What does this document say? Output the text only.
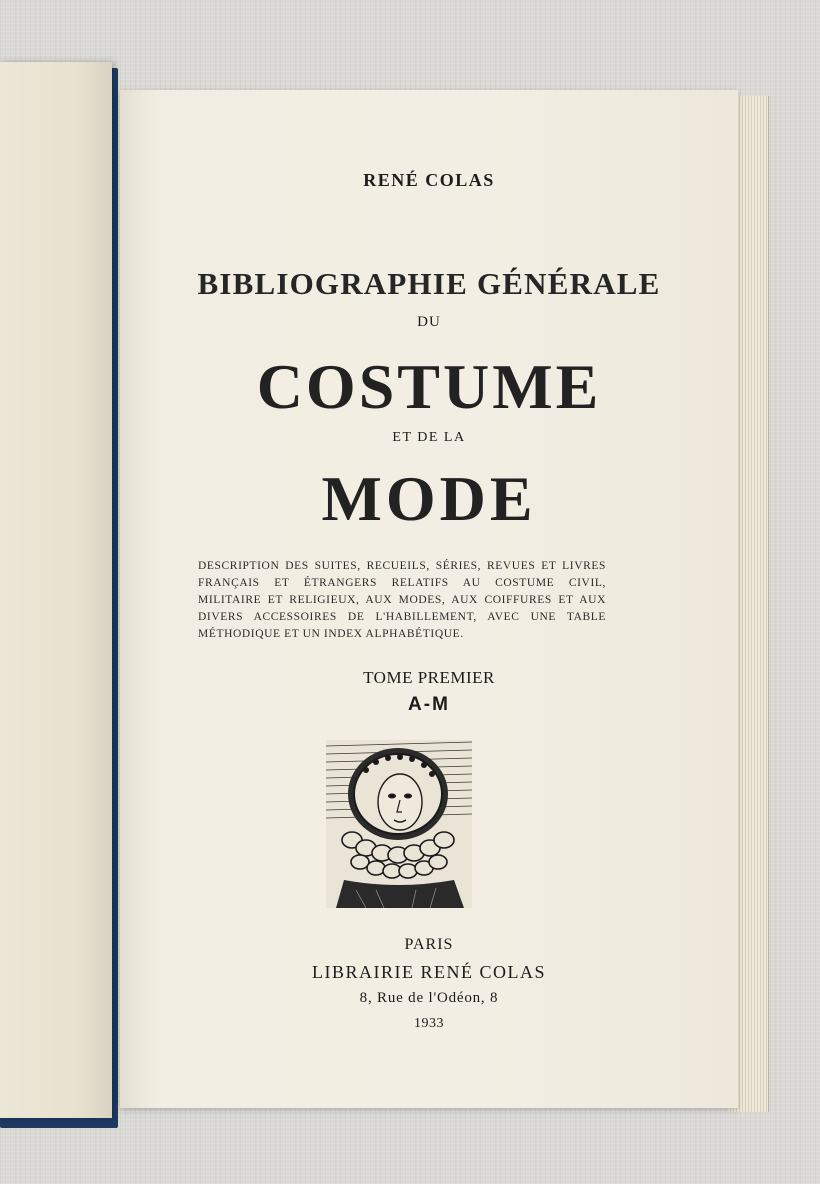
RENÉ COLAS
BIBLIOGRAPHIE GÉNÉRALE
DU
COSTUME
ET DE LA
MODE
DESCRIPTION DES SUITES, RECUEILS, SÉRIES, REVUES ET LIVRES FRANÇAIS ET ÉTRANGERS RELATIFS AU COSTUME CIVIL, MILITAIRE ET RELIGIEUX, AUX MODES, AUX COIFFURES ET AUX DIVERS ACCESSOIRES DE L'HABILLEMENT, AVEC UNE TABLE MÉTHODIQUE ET UN INDEX ALPHABÉTIQUE.
TOME PREMIER
A-M
PARIS
LIBRAIRIE RENÉ COLAS
8, Rue de l'Odéon, 8
1933
